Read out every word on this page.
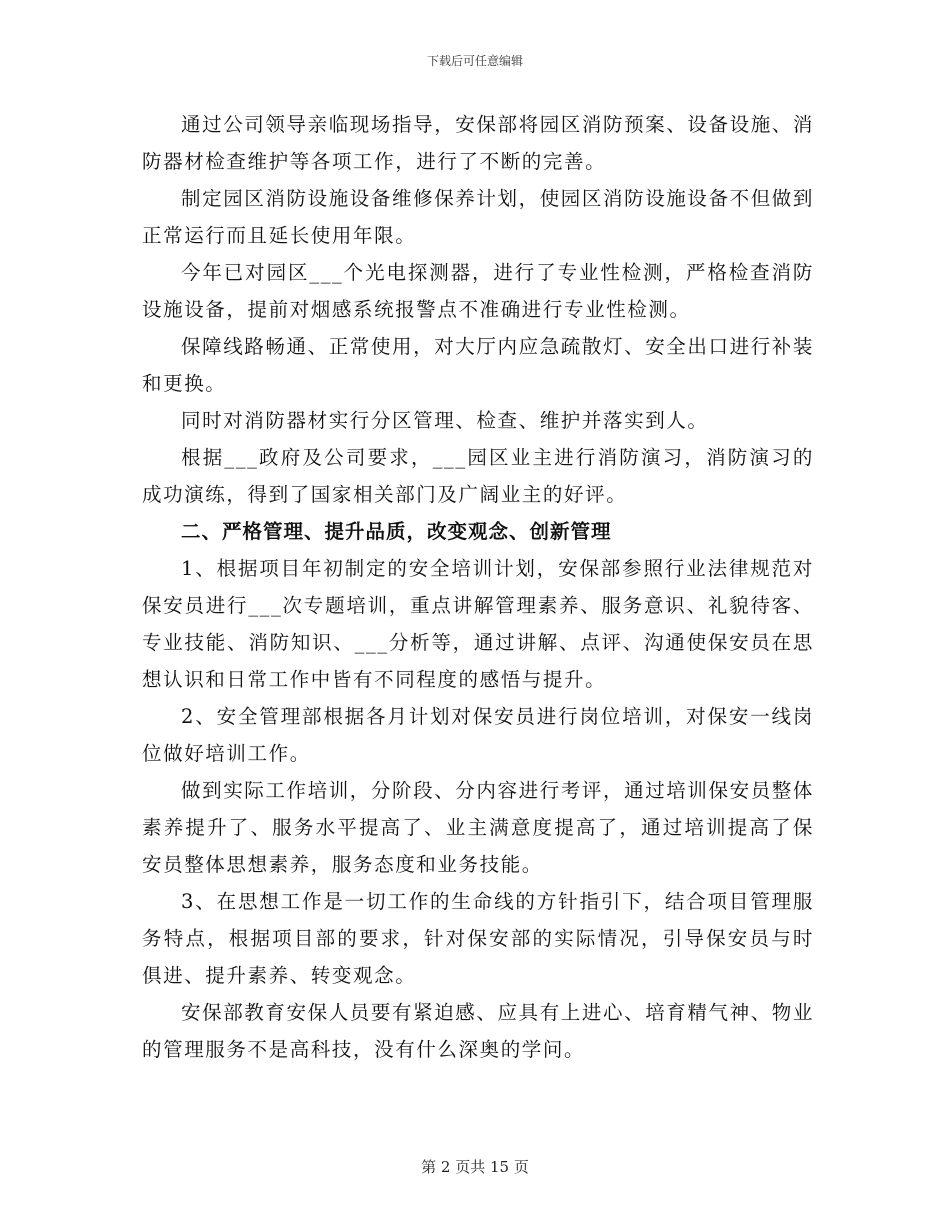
下载后可任意编辑

通过公司领导亲临现场指导，安保部将园区消防预案、设备设施、消防器材检查维护等各项工作，进行了不断的完善。

制定园区消防设施设备维修保养计划，使园区消防设施设备不但做到正常运行而且延长使用年限。

今年已对园区___个光电探测器，进行了专业性检测，严格检查消防设施设备，提前对烟感系统报警点不准确进行专业性检测。

保障线路畅通、正常使用，对大厅内应急疏散灯、安全出口进行补装和更换。

同时对消防器材实行分区管理、检查、维护并落实到人。

根据___政府及公司要求，___园区业主进行消防演习，消防演习的成功演练，得到了国家相关部门及广阔业主的好评。

二、严格管理、提升品质，改变观念、创新管理

1、根据项目年初制定的安全培训计划，安保部参照行业法律规范对保安员进行___次专题培训，重点讲解管理素养、服务意识、礼貌待客、专业技能、消防知识、___分析等，通过讲解、点评、沟通使保安员在思想认识和日常工作中皆有不同程度的感悟与提升。

2、安全管理部根据各月计划对保安员进行岗位培训，对保安一线岗位做好培训工作。

做到实际工作培训，分阶段、分内容进行考评，通过培训保安员整体素养提升了、服务水平提高了、业主满意度提高了，通过培训提高了保安员整体思想素养，服务态度和业务技能。

3、在思想工作是一切工作的生命线的方针指引下，结合项目管理服务特点，根据项目部的要求，针对保安部的实际情况，引导保安员与时俱进、提升素养、转变观念。

安保部教育安保人员要有紧迫感、应具有上进心、培育精气神、物业的管理服务不是高科技，没有什么深奥的学问。

第 2 页共 15 页
